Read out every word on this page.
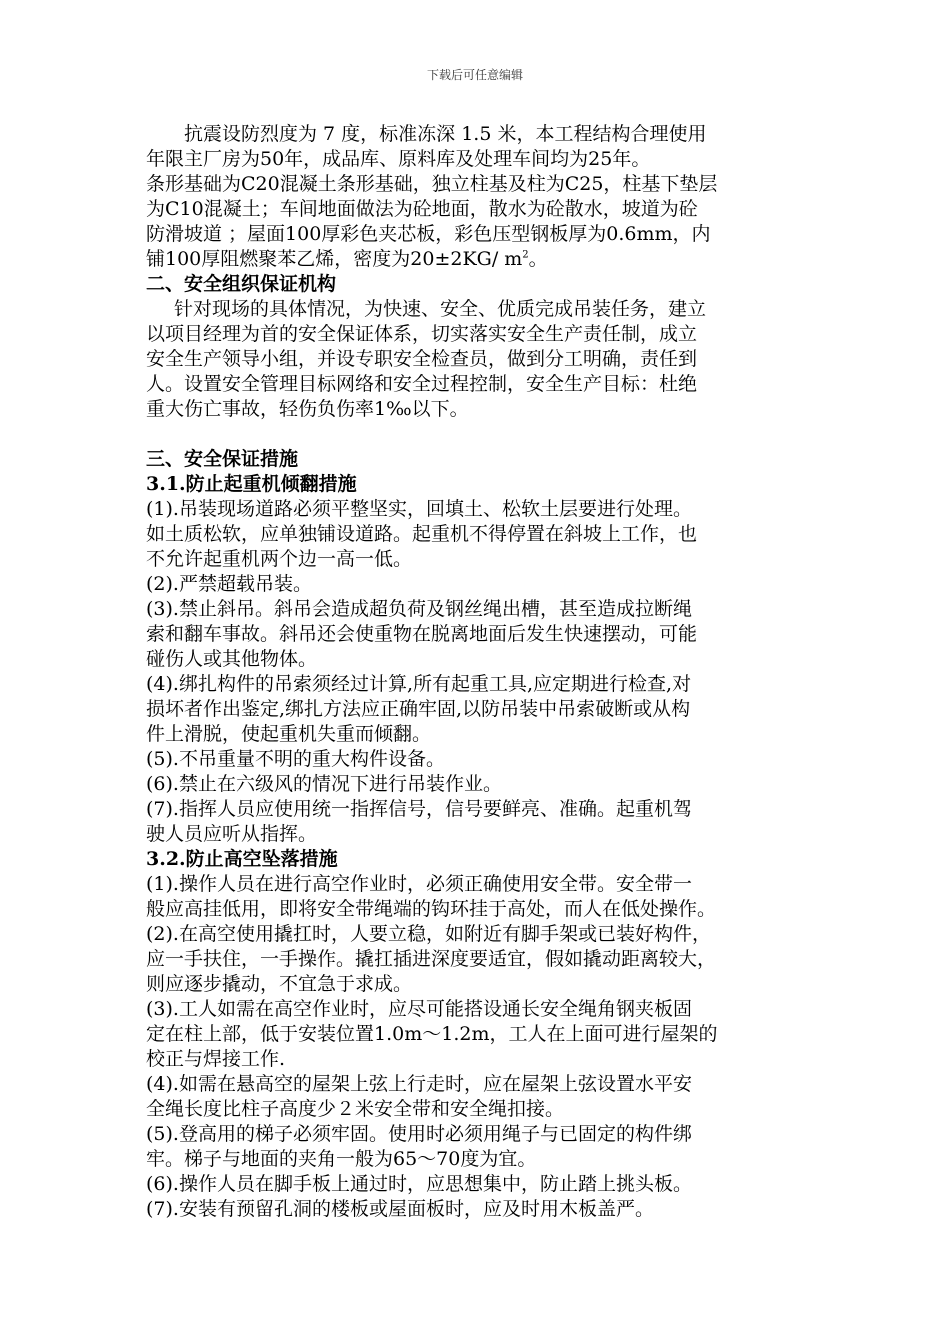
下载后可任意编辑
抗震设防烈度为 7 度，标准冻深 1.5 米，本工程结构合理使用
年限主厂房为50年，成品库、原料库及处理车间均为25年。
条形基础为C20混凝土条形基础，独立柱基及柱为C25，柱基下垫层
为C10混凝土；车间地面做法为砼地面，散水为砼散水，坡道为砼
防滑坡道 ；屋面100厚彩色夹芯板，彩色压型钢板厚为0.6mm，内
铺100厚阻燃聚苯乙烯，密度为20±2KG/ $m^2$。
二、安全组织保证机构
针对现场的具体情况，为快速、安全、优质完成吊装任务，建立
以项目经理为首的安全保证体系，切实落实安全生产责任制，成立
安全生产领导小组，并设专职安全检查员，做到分工明确，责任到
人。设置安全管理目标网络和安全过程控制，安全生产目标：杜绝
重大伤亡事故，轻伤负伤率1‰以下。
三、安全保证措施
3.1.防止起重机倾翻措施
(1).吊装现场道路必须平整坚实，回填土、松软土层要进行处理。
如土质松软，应单独铺设道路。起重机不得停置在斜坡上工作，也
不允许起重机两个边一高一低。
(2).严禁超载吊装。
(3).禁止斜吊。斜吊会造成超负荷及钢丝绳出槽，甚至造成拉断绳
索和翻车事故。斜吊还会使重物在脱离地面后发生快速摆动，可能
碰伤人或其他物体。
(4).绑扎构件的吊索须经过计算,所有起重工具,应定期进行检查,对
损坏者作出鉴定,绑扎方法应正确牢固,以防吊装中吊索破断或从构
件上滑脱，使起重机失重而倾翻。
(5).不吊重量不明的重大构件设备。
(6).禁止在六级风的情况下进行吊装作业。
(7).指挥人员应使用统一指挥信号，信号要鲜亮、准确。起重机驾
驶人员应听从指挥。
3.2.防止高空坠落措施
(1).操作人员在进行高空作业时，必须正确使用安全带。安全带一
般应高挂低用，即将安全带绳端的钩环挂于高处，而人在低处操作。
(2).在高空使用撬扛时，人要立稳，如附近有脚手架或已装好构件，
应一手扶住，一手操作。撬扛插进深度要适宜，假如撬动距离较大，
则应逐步撬动，不宜急于求成。
(3).工人如需在高空作业时，应尽可能搭设通长安全绳角钢夹板固
定在柱上部，低于安装位置1.0m～1.2m，工人在上面可进行屋架的
校正与焊接工作.
(4).如需在悬高空的屋架上弦上行走时，应在屋架上弦设置水平安
全绳长度比柱子高度少２米安全带和安全绳扣接。
(5).登高用的梯子必须牢固。使用时必须用绳子与已固定的构件绑
牢。梯子与地面的夹角一般为65～70度为宜。
(6).操作人员在脚手板上通过时，应思想集中，防止踏上挑头板。
(7).安装有预留孔洞的楼板或屋面板时，应及时用木板盖严。
